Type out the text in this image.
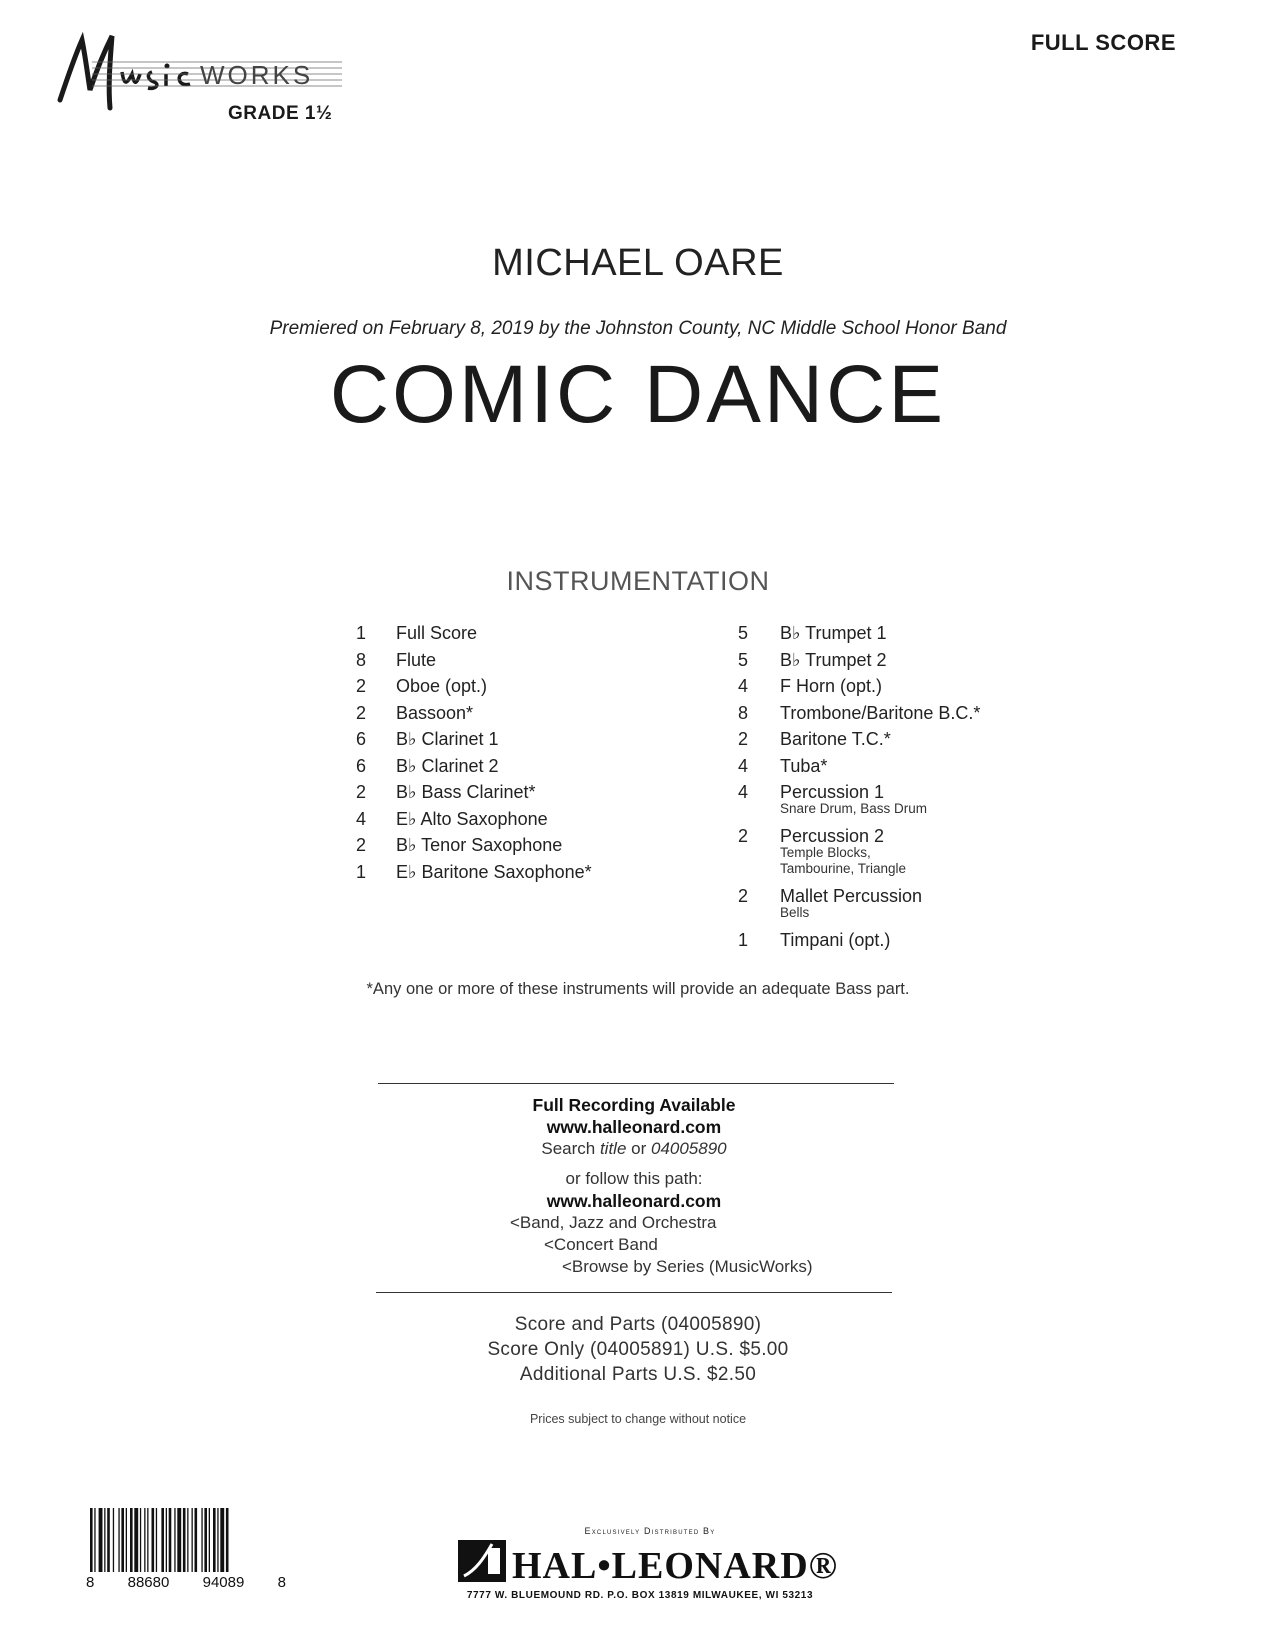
WORKS
GRADE 1½
FULL SCORE
MICHAEL OARE
Premiered on February 8, 2019 by the Johnston County, NC Middle School Honor Band
COMIC DANCE
INSTRUMENTATION
1	Full Score
8	Flute
2	Oboe (opt.)
2	Bassoon*
6	B♭ Clarinet 1
6	B♭ Clarinet 2
2	B♭ Bass Clarinet*
4	E♭ Alto Saxophone
2	B♭ Tenor Saxophone
1	E♭ Baritone Saxophone*
5	B♭ Trumpet 1
5	B♭ Trumpet 2
4	F Horn (opt.)
8	Trombone/Baritone B.C.*
2	Baritone T.C.*
4	Tuba*
4	Percussion 1
Snare Drum, Bass Drum
2	Percussion 2
Temple Blocks,
Tambourine, Triangle
2	Mallet Percussion
Bells
1	Timpani (opt.)
*Any one or more of these instruments will provide an adequate Bass part.
Full Recording Available
www.halleonard.com
Search title or 04005890
or follow this path:
www.halleonard.com
<Band, Jazz and Orchestra
<Concert Band
<Browse by Series (MusicWorks)
Score and Parts (04005890)
Score Only (04005891) U.S. $5.00
Additional Parts U.S. $2.50
Prices subject to change without notice
8 88680 94089 8
Exclusively Distributed By
HAL•LEONARD®
7777 W. BLUEMOUND RD. P.O. BOX 13819 MILWAUKEE, WI 53213
